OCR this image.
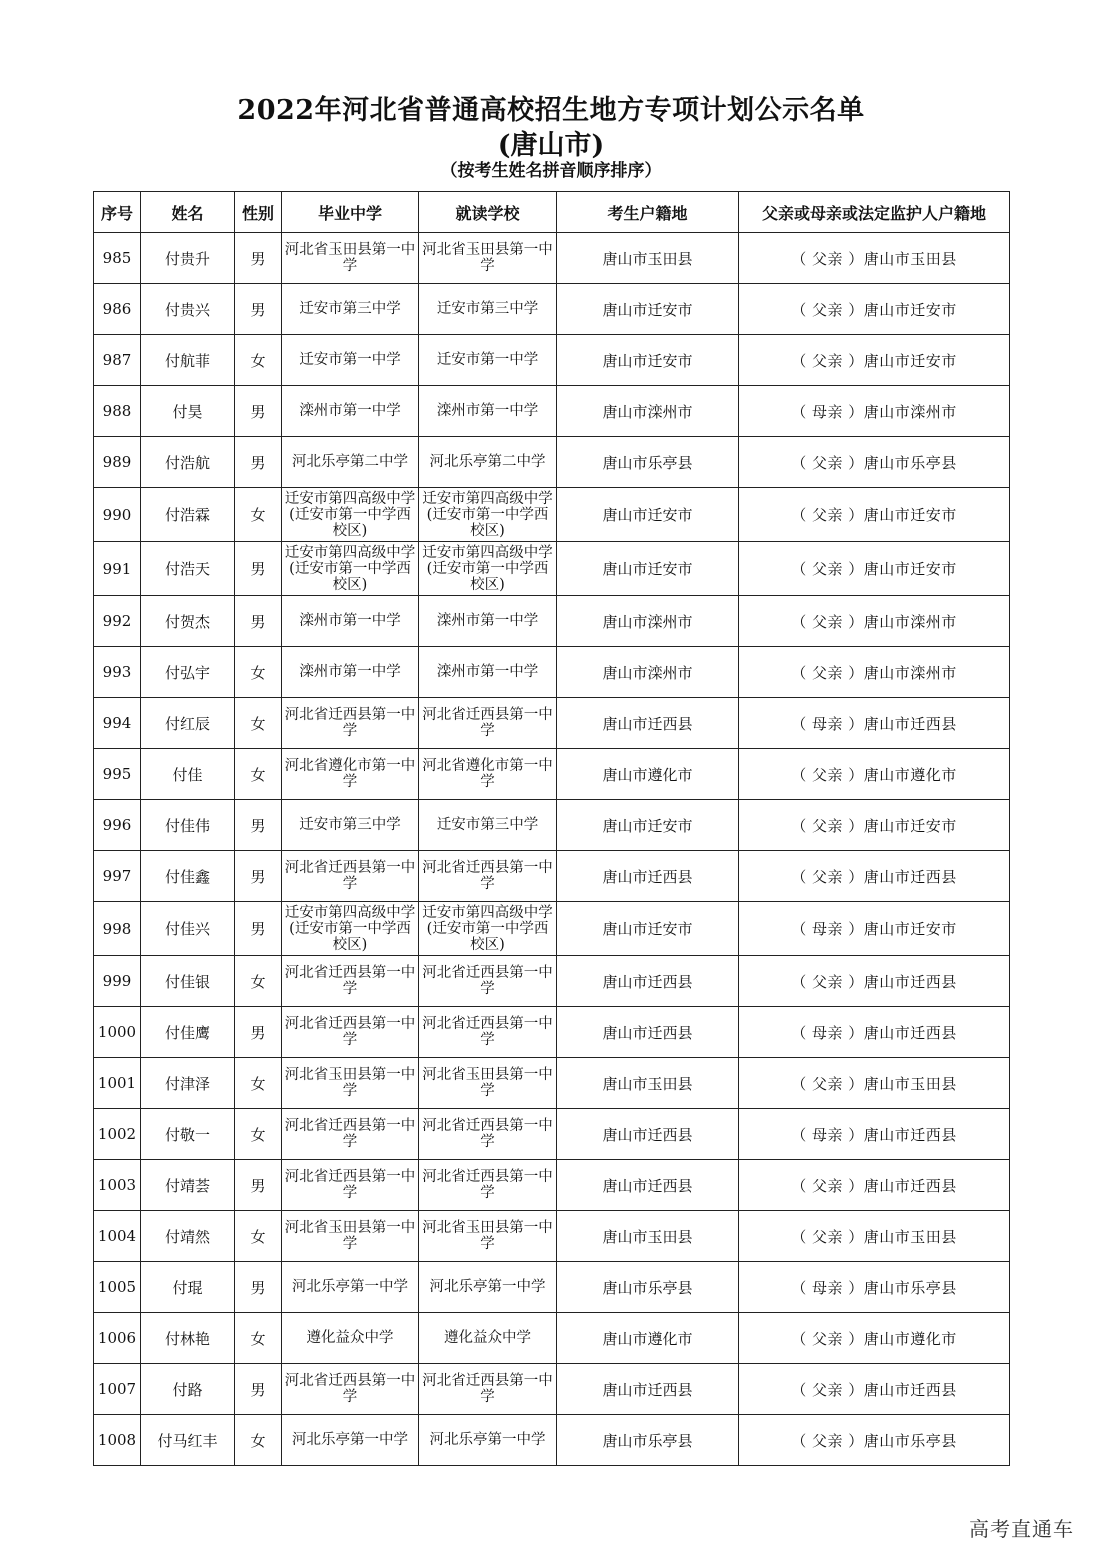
2022年河北省普通高校招生地方专项计划公示名单
(唐山市)
（按考生姓名拼音顺序排序）
序号	姓名	性别	毕业中学	就读学校	考生户籍地	父亲或母亲或法定监护人户籍地
985	付贵升	男	河北省玉田县第一中学	河北省玉田县第一中学	唐山市玉田县	（ 父亲 ）唐山市玉田县
986	付贵兴	男	迁安市第三中学	迁安市第三中学	唐山市迁安市	（ 父亲 ）唐山市迁安市
987	付航菲	女	迁安市第一中学	迁安市第一中学	唐山市迁安市	（ 父亲 ）唐山市迁安市
988	付昊	男	滦州市第一中学	滦州市第一中学	唐山市滦州市	（ 母亲 ）唐山市滦州市
989	付浩航	男	河北乐亭第二中学	河北乐亭第二中学	唐山市乐亭县	（ 父亲 ）唐山市乐亭县
990	付浩霖	女	迁安市第四高级中学(迁安市第一中学西校区)	迁安市第四高级中学(迁安市第一中学西校区)	唐山市迁安市	（ 父亲 ）唐山市迁安市
991	付浩天	男	迁安市第四高级中学(迁安市第一中学西校区)	迁安市第四高级中学(迁安市第一中学西校区)	唐山市迁安市	（ 父亲 ）唐山市迁安市
992	付贺杰	男	滦州市第一中学	滦州市第一中学	唐山市滦州市	（ 父亲 ）唐山市滦州市
993	付弘宇	女	滦州市第一中学	滦州市第一中学	唐山市滦州市	（ 父亲 ）唐山市滦州市
994	付红辰	女	河北省迁西县第一中学	河北省迁西县第一中学	唐山市迁西县	（ 母亲 ）唐山市迁西县
995	付佳	女	河北省遵化市第一中学	河北省遵化市第一中学	唐山市遵化市	（ 父亲 ）唐山市遵化市
996	付佳伟	男	迁安市第三中学	迁安市第三中学	唐山市迁安市	（ 父亲 ）唐山市迁安市
997	付佳鑫	男	河北省迁西县第一中学	河北省迁西县第一中学	唐山市迁西县	（ 父亲 ）唐山市迁西县
998	付佳兴	男	迁安市第四高级中学(迁安市第一中学西校区)	迁安市第四高级中学(迁安市第一中学西校区)	唐山市迁安市	（ 母亲 ）唐山市迁安市
999	付佳银	女	河北省迁西县第一中学	河北省迁西县第一中学	唐山市迁西县	（ 父亲 ）唐山市迁西县
1000	付佳鹰	男	河北省迁西县第一中学	河北省迁西县第一中学	唐山市迁西县	（ 母亲 ）唐山市迁西县
1001	付津泽	女	河北省玉田县第一中学	河北省玉田县第一中学	唐山市玉田县	（ 父亲 ）唐山市玉田县
1002	付敬一	女	河北省迁西县第一中学	河北省迁西县第一中学	唐山市迁西县	（ 母亲 ）唐山市迁西县
1003	付靖荟	男	河北省迁西县第一中学	河北省迁西县第一中学	唐山市迁西县	（ 父亲 ）唐山市迁西县
1004	付靖然	女	河北省玉田县第一中学	河北省玉田县第一中学	唐山市玉田县	（ 父亲 ）唐山市玉田县
1005	付琨	男	河北乐亭第一中学	河北乐亭第一中学	唐山市乐亭县	（ 母亲 ）唐山市乐亭县
1006	付林艳	女	遵化益众中学	遵化益众中学	唐山市遵化市	（ 父亲 ）唐山市遵化市
1007	付路	男	河北省迁西县第一中学	河北省迁西县第一中学	唐山市迁西县	（ 父亲 ）唐山市迁西县
1008	付马红丰	女	河北乐亭第一中学	河北乐亭第一中学	唐山市乐亭县	（ 父亲 ）唐山市乐亭县
高考直通车
